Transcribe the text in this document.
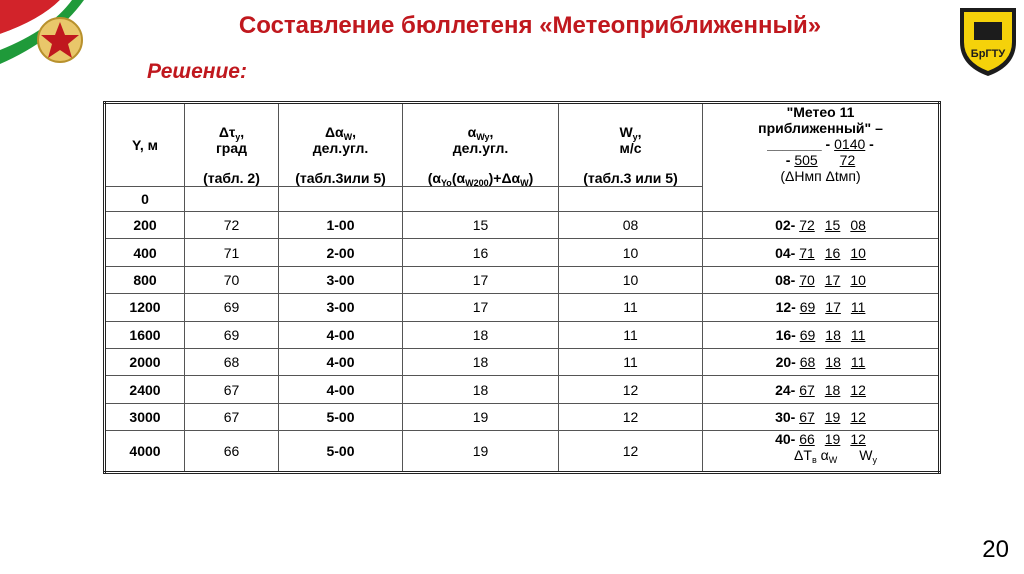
БрГТУ
Составление бюллетеня «Метеоприближенный»
Решение:
Y, м	$\Delta\tau_y$,
град
(табл. 2)	$\Delta\alpha_W$,
дел.угл.
(табл.3или 5)	$\alpha_{Wy}$,
дел.угл.
$(\alpha_{Yo}(\alpha_{W200})+\Delta\alpha_W)$	$W_y$,
м/с
(табл.3 или 5)	"Метео 11
приближенный" –
_______ - 0140 -
- 505 72
(ΔНмп Δtмп)

0					
200	72	1-00	15	08	02- 72 15 08
400	71	2-00	16	10	04- 71 16 10
800	70	3-00	17	10	08- 70 17 10
1200	69	3-00	17	11	12- 69 17 11
1600	69	4-00	18	11	16- 69 18 11
2000	68	4-00	18	11	20- 68 18 11
2400	67	4-00	18	12	24- 67 18 12
3000	67	5-00	19	12	30- 67 19 12
4000	66	5-00	19	12	40- 66 19 12
$\Delta Т_в$ $\alpha_W$ $W_y$
20
